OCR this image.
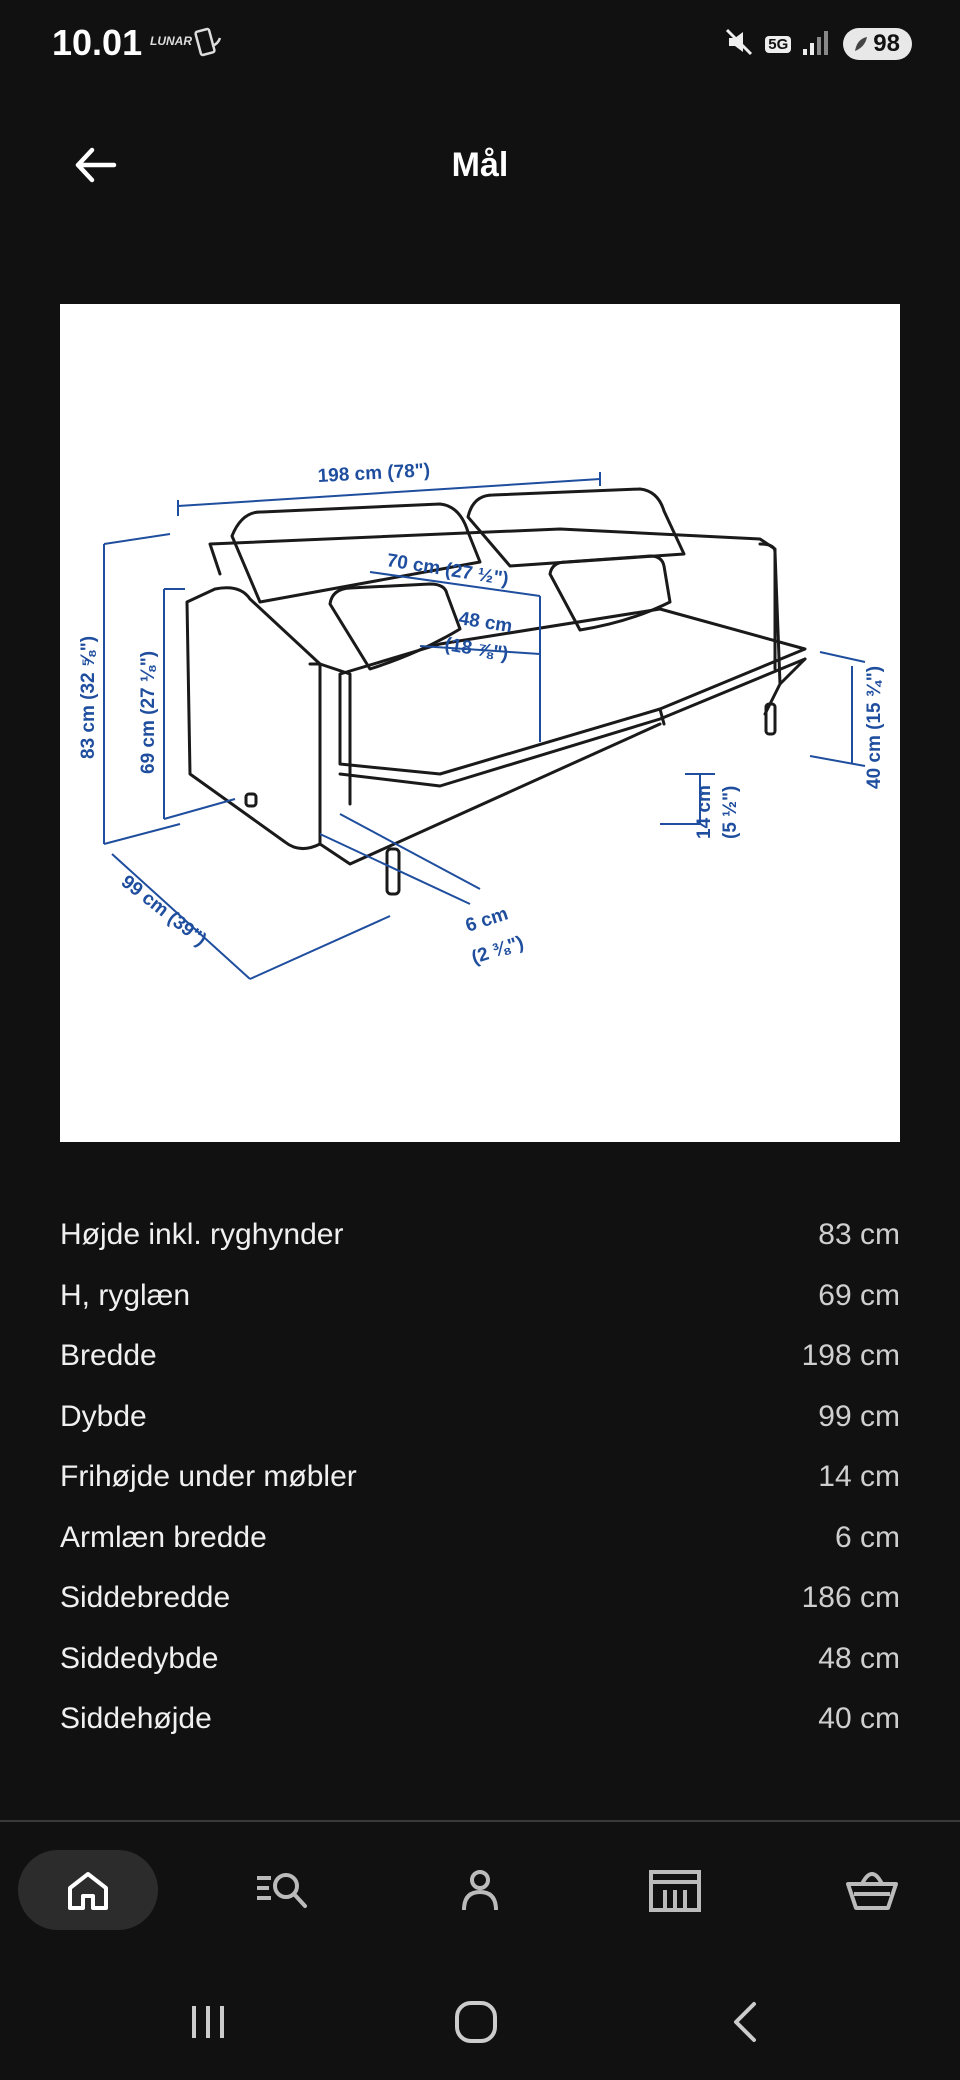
10.01 LUNAR	5G	98
Mål
198 cm (78")
70 cm (27 ½")
48 cm
(18 ⅞")
83 cm (32 ⅝") 69 cm (27 ⅛")
99 cm (39")	6 cm
(2 ⅜")
14 cm (5 ½")
40 cm (15 ¾")
Højde inkl. ryghynder	83 cm
H, ryglæn	69 cm
Bredde	198 cm
Dybde	99 cm
Frihøjde under møbler	14 cm
Armlæn bredde	6 cm
Siddebredde	186 cm
Siddedybde	48 cm
Siddehøjde	40 cm
